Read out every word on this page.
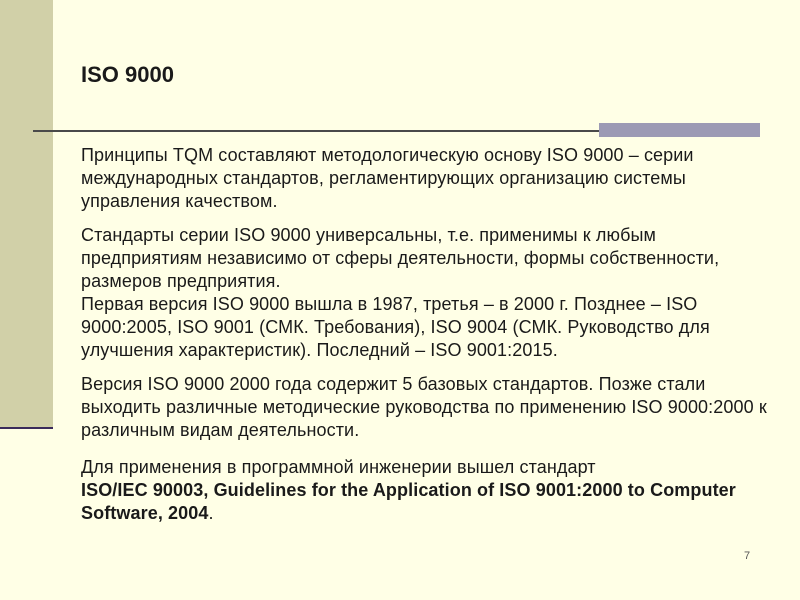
ISO 9000

Принципы TQM составляют методологическую основу ISO 9000 – серии международных стандартов, регламентирующих организацию системы управления качеством.

Стандарты серии ISO 9000 универсальны, т.е. применимы к любым предприятиям независимо от сферы деятельности, формы собственности, размеров предприятия.

Первая версия ISO 9000 вышла в 1987, третья – в 2000 г. Позднее – ISO 9000:2005, ISO 9001 (СМК. Требования), ISO 9004 (СМК. Руководство для улучшения характеристик). Последний – ISO 9001:2015.

Версия ISO 9000 2000 года содержит 5 базовых стандартов. Позже стали выходить различные методические руководства по применению ISO 9000:2000 к различным видам деятельности.

Для применения в программной инженерии вышел стандарт
ISO/IEC 90003, Guidelines for the Application of ISO 9001:2000 to Computer Software, 2004.

7
